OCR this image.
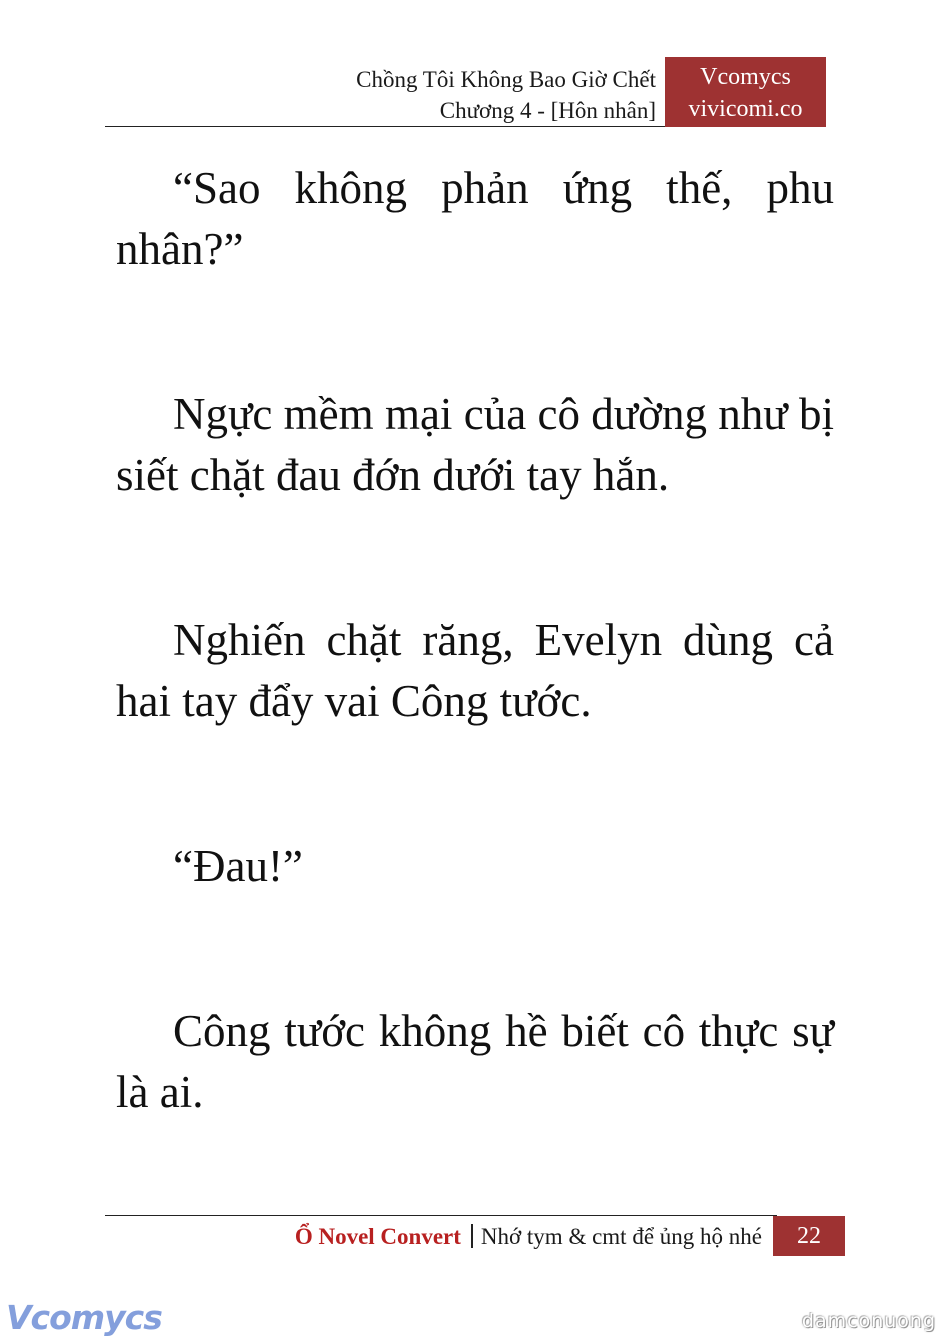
Chồng Tôi Không Bao Giờ Chết
Chương 4 - [Hôn nhân]
Vcomycs
vivicomi.co

“Sao không phản ứng thế, phu nhân?”

Ngực mềm mại của cô dường như bị siết chặt đau đớn dưới tay hắn.

Nghiến chặt răng, Evelyn dùng cả hai tay đẩy vai Công tước.

“Đau!”

Công tước không hề biết cô thực sự là ai.

Ổ Novel Convert Nhớ tym & cmt để ủng hộ nhé	22
Vcomycs	damconuong
